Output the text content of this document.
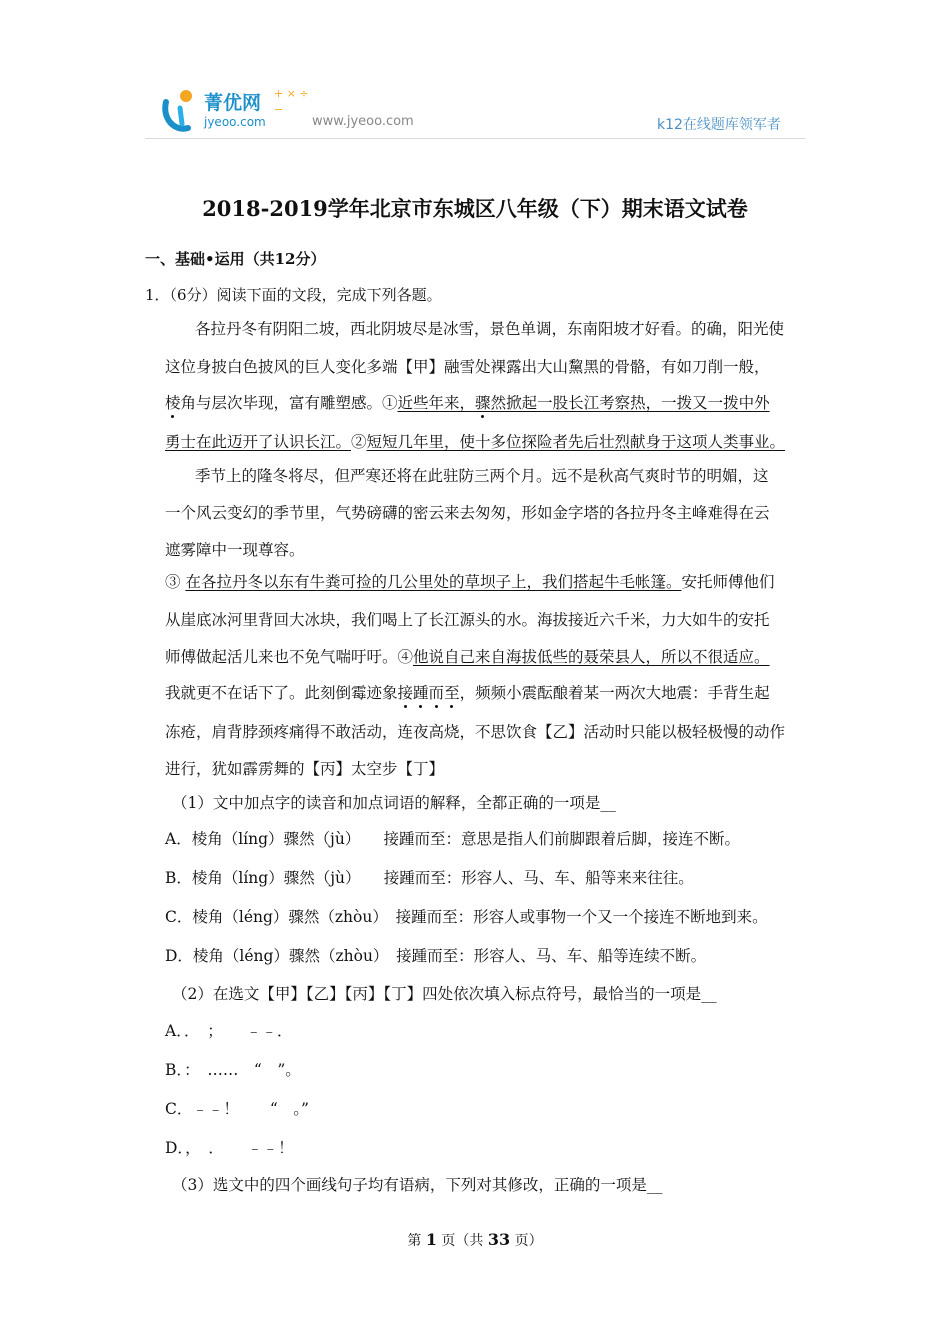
菁优网
jyeoo.com
+ × ÷ −
www.jyeoo.com	k12在线题库领军者
2018-2019学年北京市东城区八年级（下）期末语文试卷
一、基础•运用（共12分）
1．（6分）阅读下面的文段，完成下列各题。
各拉丹冬有阴阳二坡，西北阴坡尽是冰雪，景色单调，东南阳坡才好看。的确，阳光使
这位身披白色披风的巨人变化多端【甲】融雪处裸露出大山黧黑的骨骼，有如刀削一般，
棱角与层次毕现，富有雕塑感。①近些年来，骤然掀起一股长江考察热，一拨又一拨中外
勇士在此迈开了认识长江。②短短几年里，使十多位探险者先后壮烈献身于这项人类事业。
季节上的隆冬将尽，但严寒还将在此驻防三两个月。远不是秋高气爽时节的明媚，这
一个风云变幻的季节里，气势磅礴的密云来去匆匆，形如金字塔的各拉丹冬主峰难得在云
遮雾障中一现尊容。
③ 在各拉丹冬以东有牛粪可捡的几公里处的草坝子上，我们搭起牛毛帐篷。安托师傅他们
从崖底冰河里背回大冰块，我们喝上了长江源头的水。海拔接近六千米，力大如牛的安托
师傅做起活儿来也不免气喘吁吁。④他说自己来自海拔低些的聂荣县人，所以不很适应。
我就更不在话下了。此刻倒霉迹象接踵而至，频频小震酝酿着某一两次大地震：手背生起
冻疮，肩背脖颈疼痛得不敢活动，连夜高烧，不思饮食【乙】活动时只能以极轻极慢的动作
进行，犹如霹雳舞的【丙】太空步【丁】
（1）文中加点字的读音和加点词语的解释，全都正确的一项是__
A．棱角（líng）骤然（jù）　　接踵而至：意思是指人们前脚跟着后脚，接连不断。
B．棱角（líng）骤然（jù）　　接踵而至：形容人、马、车、船等来来往往。
C．棱角（léng）骤然（zhòu）　接踵而至：形容人或事物一个又一个接连不断地到来。
D．棱角（léng）骤然（zhòu）　接踵而至：形容人、马、车、船等连续不断。
（2）在选文【甲】【乙】【丙】【丁】四处依次填入标点符号，最恰当的一项是__
A．．　；　　﹣﹣．
B．：　……　“　”。
C．﹣﹣！　　“　。”
D．，　．　　﹣﹣！
（3）选文中的四个画线句子均有语病，下列对其修改，正确的一项是__
第 1 页（共 33 页）
